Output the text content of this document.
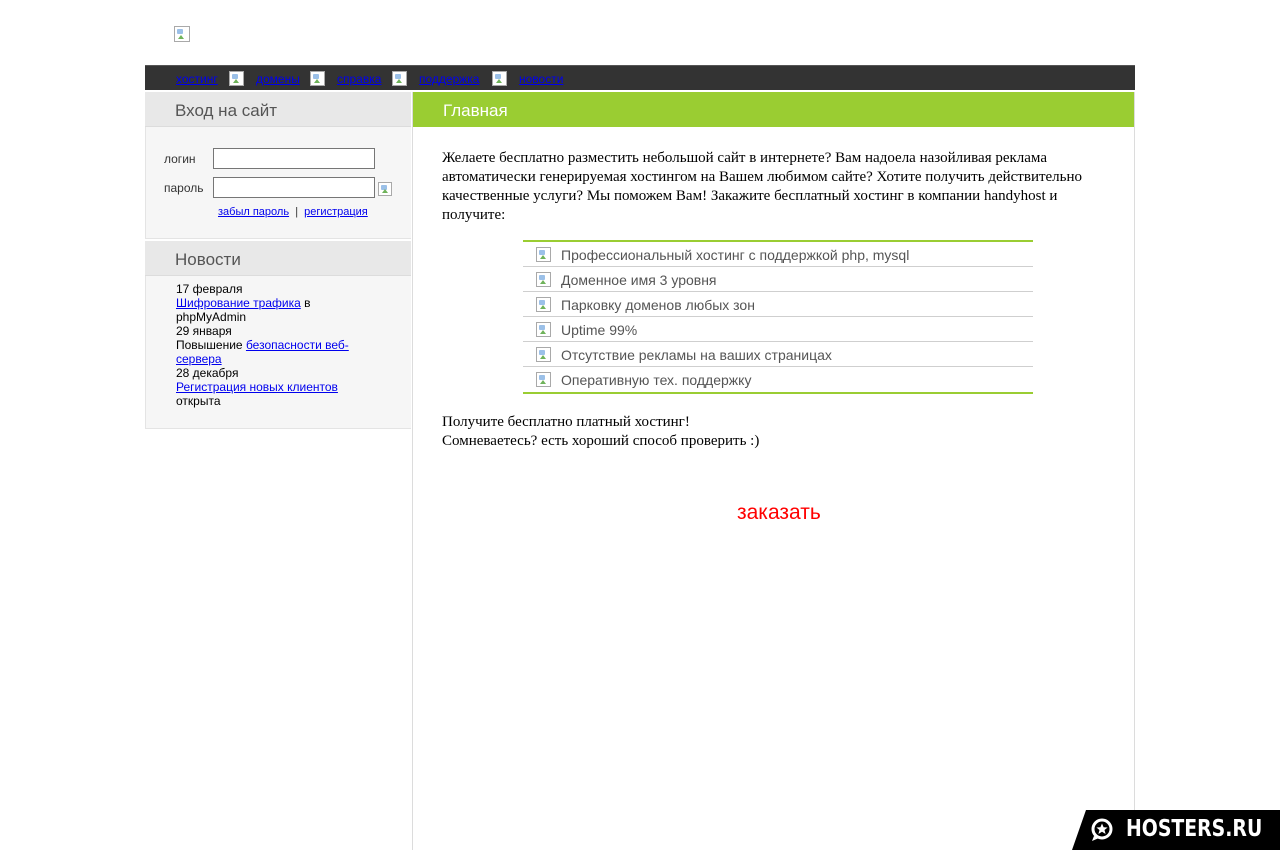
хостинг	домены	справка	поддержка	новости
Вход на сайт
логин
пароль
забыл пароль | регистрация
Новости
17 февраля
Шифрование трафика в phpMyAdmin
29 января
Повышение безопасности веб-сервера
28 декабря
Регистрация новых клиентов открыта
Главная
Желаете бесплатно разместить небольшой сайт в интернете? Вам надоела назойливая реклама автоматически генерируемая хостингом на Вашем любимом сайте? Хотите получить действительно качественные услуги? Мы поможем Вам! Закажите бесплатный хостинг в компании handyhost и получите:
Профессиональный хостинг с поддержкой php, mysql
Доменное имя 3 уровня
Парковку доменов любых зон
Uptime 99%
Отсутствие рекламы на ваших страницах
Оперативную тех. поддержку
Получите бесплатно платный хостинг!
Сомневаетесь? есть хороший способ проверить :)
заказать
HOSTERS.RU
